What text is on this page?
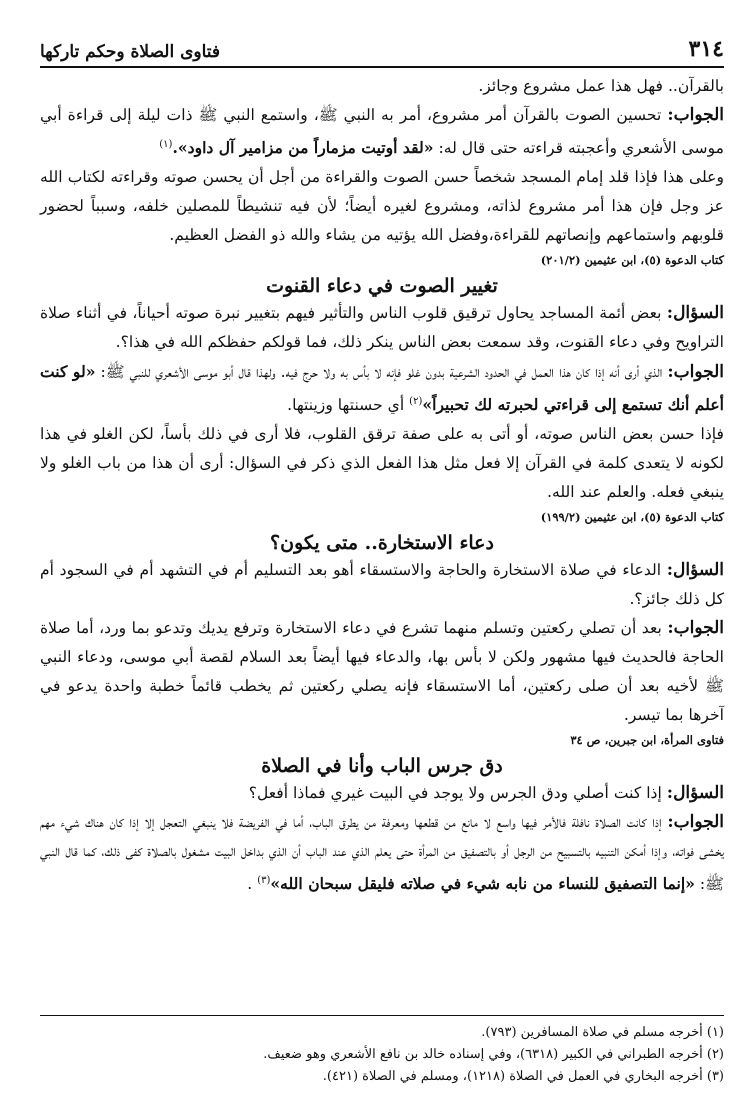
٣١٤
فتاوى الصلاة وحكم تاركها

بالقرآن.. فهل هذا عمل مشروع وجائز.

الجواب: تحسين الصوت بالقرآن أمر مشروع، أمر به النبي ﷺ، واستمع النبي ﷺ ذات ليلة إلى قراءة أبي موسى الأشعري وأعجبته قراءته حتى قال له: «لقد أوتيت مزماراً من مزامير آل داود».$^{(١)}$

وعلى هذا فإذا قلد إمام المسجد شخصاً حسن الصوت والقراءة من أجل أن يحسن صوته وقراءته لكتاب الله عز وجل فإن هذا أمر مشروع لذاته، ومشروع لغيره أيضاً؛ لأن فيه تنشيطاً للمصلين خلفه، وسبباً لحضور قلوبهم واستماعهم وإنصاتهم للقراءة،وفضل الله يؤتيه من يشاء والله ذو الفضل العظيم.

كتاب الدعوة (٥)، ابن عثيمين (٢٠١/٢)
تغيير الصوت في دعاء القنوت

السؤال: بعض أئمة المساجد يحاول ترقيق قلوب الناس والتأثير فيهم بتغيير نبرة صوته أحياناً، في أثناء صلاة التراويح وفي دعاء القنوت، وقد سمعت بعض الناس ينكر ذلك، فما قولكم حفظكم الله في هذا؟.

الجواب: الذي أرى أنه إذا كان هذا العمل في الحدود الشرعية بدون غلو فإنه لا بأس به ولا حرج فيه. ولهذا قال أبو موسى الأشعري للنبي ﷺ: «لو كنت أعلم أنك تستمع إلى قراءتي لحبرته لك تحبيراً»$^{(٢)}$ أي حسنتها وزينتها.

فإذا حسن بعض الناس صوته، أو أتى به على صفة ترقق القلوب، فلا أرى في ذلك بأساً، لكن الغلو في هذا لكونه لا يتعدى كلمة في القرآن إلا فعل مثل هذا الفعل الذي ذكر في السؤال: أرى أن هذا من باب الغلو ولا ينبغي فعله. والعلم عند الله.

كتاب الدعوة (٥)، ابن عثيمين (١٩٩/٢)
دعاء الاستخارة.. متى يكون؟

السؤال: الدعاء في صلاة الاستخارة والحاجة والاستسقاء أهو بعد التسليم أم في التشهد أم في السجود أم كل ذلك جائز؟.

الجواب: بعد أن تصلي ركعتين وتسلم منهما تشرع في دعاء الاستخارة وترفع يديك وتدعو بما ورد، أما صلاة الحاجة فالحديث فيها مشهور ولكن لا بأس بها، والدعاء فيها أيضاً بعد السلام لقصة أبي موسى، ودعاء النبي ﷺ لأخيه بعد أن صلى ركعتين، أما الاستسقاء فإنه يصلي ركعتين ثم يخطب قائماً خطبة واحدة يدعو في آخرها بما تيسر.

فتاوى المرأة، ابن جبرين، ص ٣٤
دق جرس الباب وأنا في الصلاة

السؤال: إذا كنت أصلي ودق الجرس ولا يوجد في البيت غيري فماذا أفعل؟

الجواب: إذا كانت الصلاة نافلة فالأمر فيها واسع لا مانع من قطعها ومعرفة من يطرق الباب، أما في الفريضة فلا ينبغي التعجل إلا إذا كان هناك شيء مهم يخشى فواته، وإذا أمكن التنبيه بالتسبيح من الرجل أو بالتصفيق من المرأة حتى يعلم الذي عند الباب أن الذي بداخل البيت مشغول بالصلاة كفى ذلك، كما قال النبي ﷺ: «إنما التصفيق للنساء من نابه شيء في صلاته فليقل سبحان الله»$^{(٣)}$ .

(١) أخرجه مسلم في صلاة المسافرين (٧٩٣).

(٢) أخرجه الطبراني في الكبير (٦٣١٨)، وفي إسناده خالد بن نافع الأشعري وهو ضعيف.

(٣) أخرجه البخاري في العمل في الصلاة (١٢١٨)، ومسلم في الصلاة (٤٢١).
